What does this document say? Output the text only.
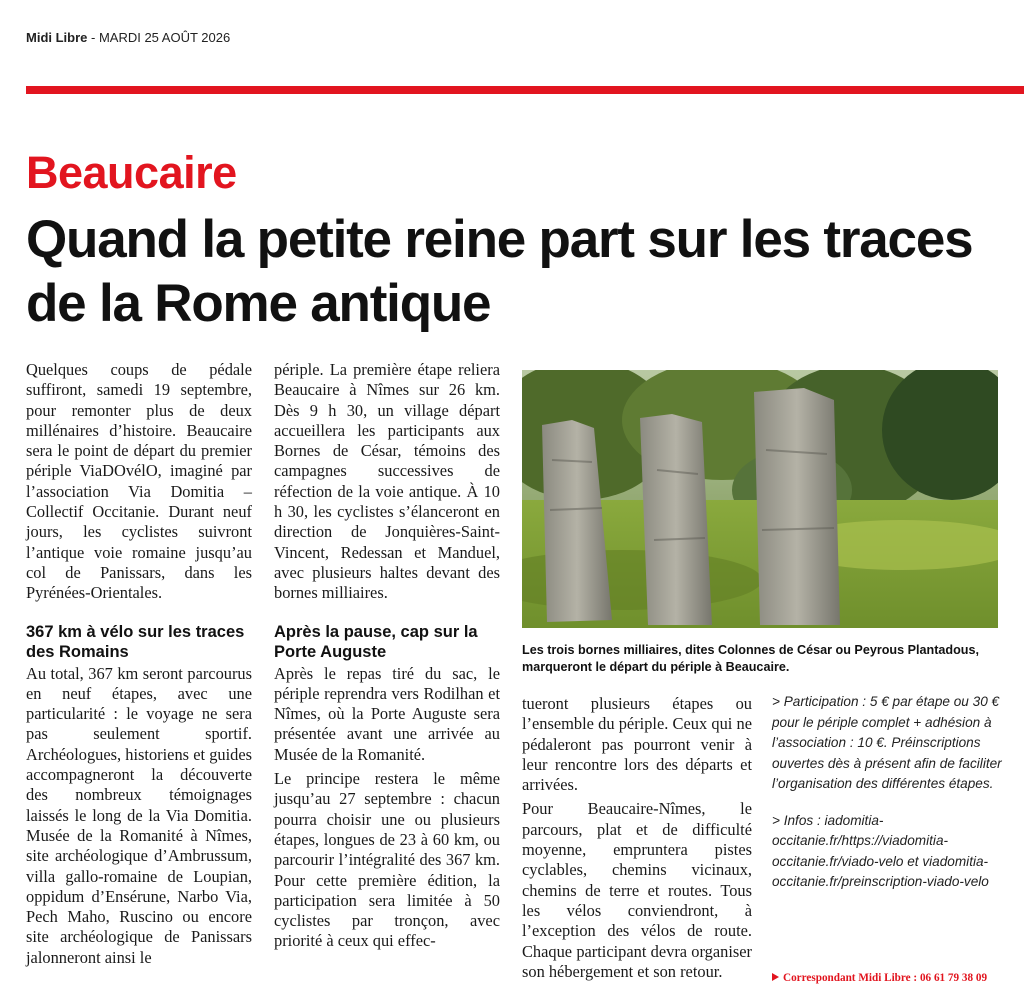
Midi Libre - MARDI 25 AOÛT 2026
Beaucaire
Quand la petite reine part sur les traces de la Rome antique

Quelques coups de pédale suffiront, samedi 19 septembre, pour remonter plus de deux millénaires d’histoire. Beaucaire sera le point de départ du premier périple ViaDOvélO, imaginé par l’association Via Domitia – Collectif Occitanie. Durant neuf jours, les cyclistes suivront l’antique voie romaine jusqu’au col de Panissars, dans les Pyrénées-Orientales.

367 km à vélo sur les traces des Romains

Au total, 367 km seront parcourus en neuf étapes, avec une particularité : le voyage ne sera pas seulement sportif. Archéologues, historiens et guides accompagneront la découverte des nombreux témoignages laissés le long de la Via Domitia. Musée de la Romanité à Nîmes, site archéologique d’Ambrussum, villa gallo-romaine de Loupian, oppidum d’Ensérune, Narbo Via, Pech Maho, Ruscino ou encore site archéologique de Panissars jalonneront ainsi le

périple. La première étape reliera Beaucaire à Nîmes sur 26 km. Dès 9 h 30, un village départ accueillera les participants aux Bornes de César, témoins des campagnes successives de réfection de la voie antique. À 10 h 30, les cyclistes s’élanceront en direction de Jonquières-Saint-Vincent, Redessan et Manduel, avec plusieurs haltes devant des bornes milliaires.

Après la pause, cap sur la Porte Auguste

Après le repas tiré du sac, le périple reprendra vers Rodilhan et Nîmes, où la Porte Auguste sera présentée avant une arrivée au Musée de la Romanité.

Le principe restera le même jusqu’au 27 septembre : chacun pourra choisir une ou plusieurs étapes, longues de 23 à 60 km, ou parcourir l’intégralité des 367 km. Pour cette première édition, la participation sera limitée à 50 cyclistes par tronçon, avec priorité à ceux qui effec-

Les trois bornes milliaires, dites Colonnes de César ou Peyrous Plantadous, marqueront le départ du périple à Beaucaire.

tueront plusieurs étapes ou l’ensemble du périple. Ceux qui ne pédaleront pas pourront venir à leur rencontre lors des départs et arrivées.

Pour Beaucaire-Nîmes, le parcours, plat et de difficulté moyenne, empruntera pistes cyclables, chemins vicinaux, chemins de terre et routes. Tous les vélos conviendront, à l’exception des vélos de route. Chaque participant devra organiser son hébergement et son retour.

> Participation : 5 € par étape ou 30 € pour le périple complet + adhésion à l’association : 10 €. Préinscriptions ouvertes dès à présent afin de faciliter l’organisation des différentes étapes.

> Infos : iadomitia-occitanie.fr/https://viadomitia-occitanie.fr/viado-velo et viadomitia-occitanie.fr/preinscription-viado-velo

Correspondant Midi Libre : 06 61 79 38 09
